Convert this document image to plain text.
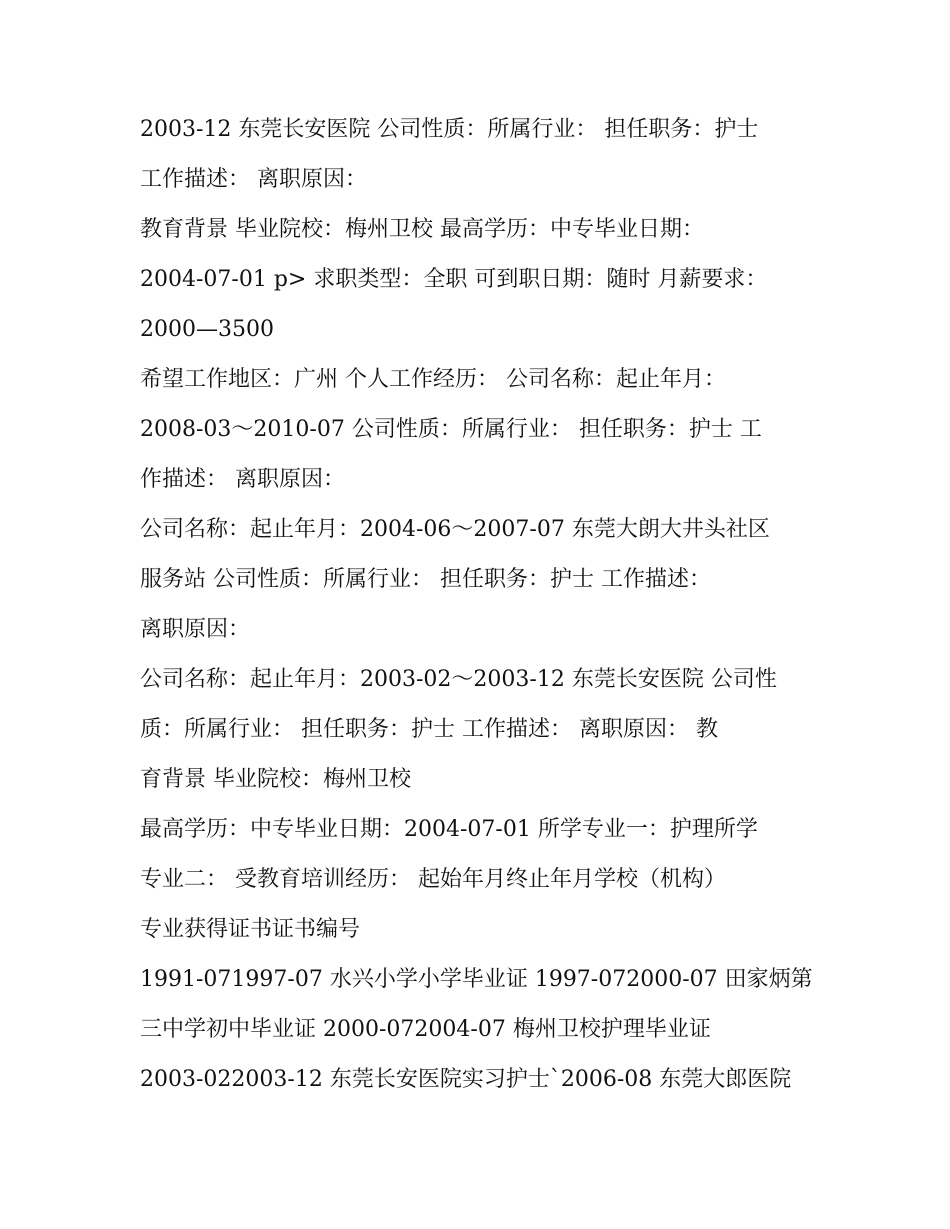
2003-12 东莞长安医院 公司性质：所属行业： 担任职务：护士
工作描述： 离职原因：
教育背景 毕业院校：梅州卫校 最高学历：中专毕业日期：
2004-07-01 p> 求职类型：全职 可到职日期：随时 月薪要求：
2000—3500
希望工作地区：广州 个人工作经历： 公司名称：起止年月：
2008-03～2010-07 公司性质：所属行业： 担任职务：护士 工
作描述： 离职原因：
公司名称：起止年月：2004-06～2007-07 东莞大朗大井头社区
服务站 公司性质：所属行业： 担任职务：护士 工作描述：
离职原因：
公司名称：起止年月：2003-02～2003-12 东莞长安医院 公司性
质：所属行业： 担任职务：护士 工作描述： 离职原因： 教
育背景 毕业院校：梅州卫校
最高学历：中专毕业日期：2004-07-01 所学专业一：护理所学
专业二： 受教育培训经历： 起始年月终止年月学校（机构）
专业获得证书证书编号
1991-071997-07 水兴小学小学毕业证 1997-072000-07 田家炳第
三中学初中毕业证 2000-072004-07 梅州卫校护理毕业证
2003-022003-12 东莞长安医院实习护士`2006-08 东莞大郎医院
